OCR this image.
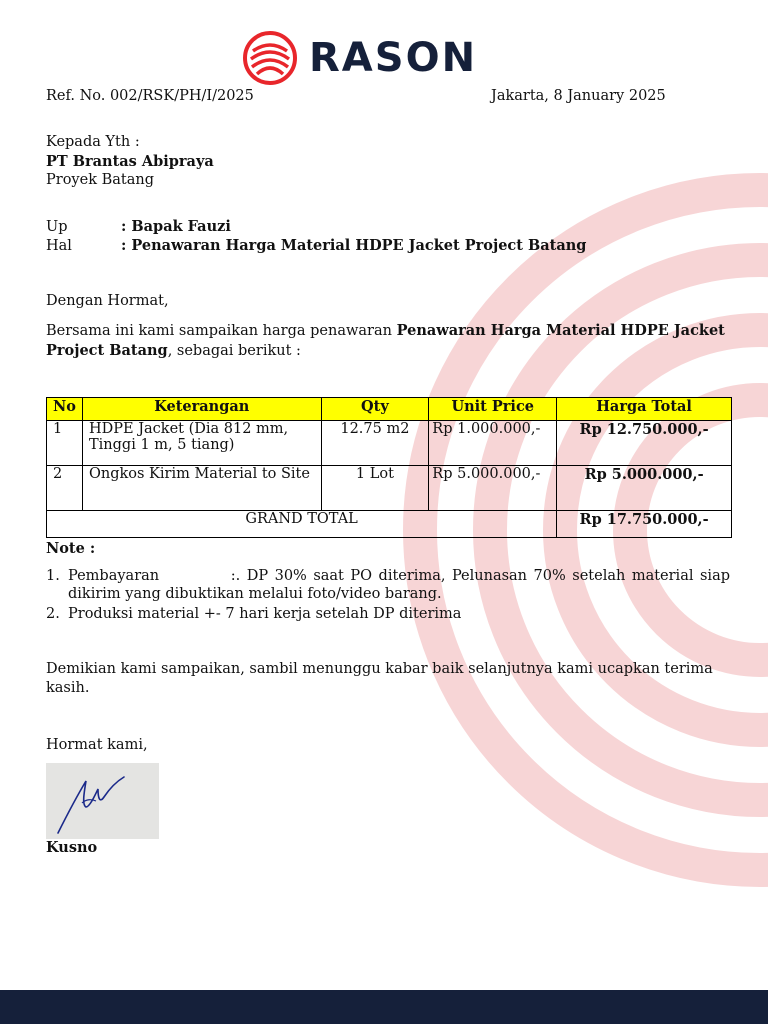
RASON
Ref. No. 002/RSK/PH/I/2025	Jakarta, 8 January 2025
Kepada Yth :
PT Brantas Abipraya
Proyek Batang
Up	: Bapak Fauzi
Hal	: Penawaran Harga Material HDPE Jacket Project Batang
Dengan Hormat,
Bersama ini kami sampaikan harga penawaran Penawaran Harga Material HDPE Jacket Project Batang, sebagai berikut :
No	Keterangan	Qty	Unit Price	Harga Total
1	HDPE Jacket (Dia 812 mm, Tinggi 1 m, 5 tiang)	12.75 m2	Rp 1.000.000,-	Rp 12.750.000,-
2	Ongkos Kirim Material to Site	1 Lot	Rp 5.000.000,-	Rp 5.000.000,-
GRAND TOTAL				Rp 17.750.000,-
Note :
1. Pembayaran           :. DP 30% saat PO diterima, Pelunasan 70% setelah material siap dikirim yang dibuktikan melalui foto/video barang.
2. Produksi material +- 7 hari kerja setelah DP diterima
Demikian kami sampaikan, sambil menunggu kabar baik selanjutnya kami ucapkan terima kasih.
Hormat kami,
Kusno
